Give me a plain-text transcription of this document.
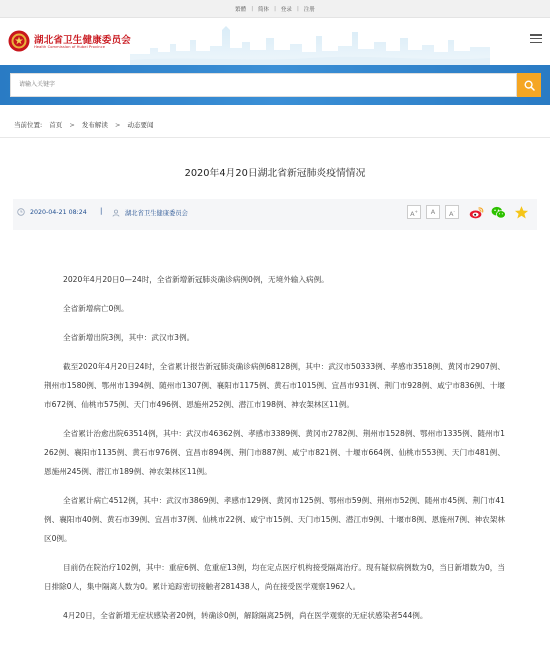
繁體 | 简体 | 登录 | 注册
湖北省卫生健康委员会
Health Commission of Hubei Province
请输入关键字
当前位置: 首页 > 发布解读 > 动态要闻
2020年4月20日湖北省新冠肺炎疫情情况
2020-04-21 08:24 |	湖北省卫生健康委员会	A+	A	A-

2020年4月20日0—24时，全省新增新冠肺炎确诊病例0例，无境外输入病例。

全省新增病亡0例。

全省新增出院3例，其中：武汉市3例。

截至2020年4月20日24时，全省累计报告新冠肺炎确诊病例68128例，其中：武汉市50333例、孝感市3518例、黄冈市2907例、荆州市1580例、鄂州市1394例、随州市1307例、襄阳市1175例、黄石市1015例、宜昌市931例、荆门市928例、咸宁市836例、十堰市672例、仙桃市575例、天门市496例、恩施州252例、潜江市198例、神农架林区11例。

全省累计治愈出院63514例，其中：武汉市46362例、孝感市3389例、黄冈市2782例、荆州市1528例、鄂州市1335例、随州市1262例、襄阳市1135例、黄石市976例、宜昌市894例、荆门市887例、咸宁市821例、十堰市664例、仙桃市553例、天门市481例、恩施州245例、潜江市189例、神农架林区11例。

全省累计病亡4512例，其中：武汉市3869例、孝感市129例、黄冈市125例、鄂州市59例、荆州市52例、随州市45例、荆门市41例、襄阳市40例、黄石市39例、宜昌市37例、仙桃市22例、咸宁市15例、天门市15例、潜江市9例、十堰市8例、恩施州7例、神农架林区0例。

目前仍在院治疗102例，其中：重症6例、危重症13例，均在定点医疗机构接受隔离治疗。现有疑似病例数为0，当日新增数为0，当日排除0人，集中隔离人数为0。累计追踪密切接触者281438人，尚在接受医学观察1962人。

4月20日，全省新增无症状感染者20例，转确诊0例，解除隔离25例，尚在医学观察的无症状感染者544例。
